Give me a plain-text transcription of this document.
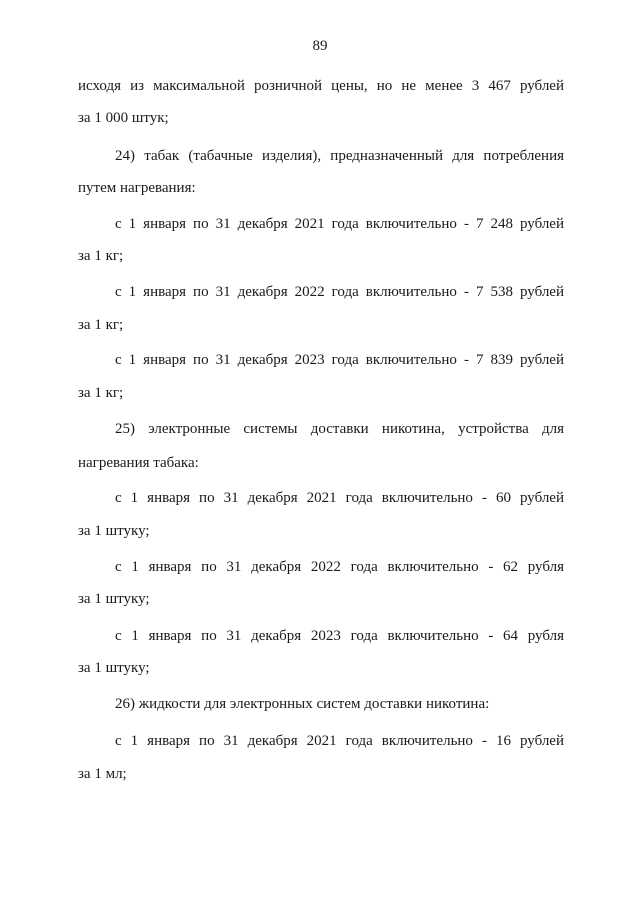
89
исходя из максимальной розничной цены, но не менее 3 467 рублей
за 1 000 штук;
24) табак (табачные изделия), предназначенный для потребления
путем нагревания:
с 1 января по 31 декабря 2021 года включительно - 7 248 рублей
за 1 кг;
с 1 января по 31 декабря 2022 года включительно - 7 538 рублей
за 1 кг;
с 1 января по 31 декабря 2023 года включительно - 7 839 рублей
за 1 кг;
25) электронные системы доставки никотина, устройства для
нагревания табака:
с 1 января по 31 декабря 2021 года включительно - 60 рублей
за 1 штуку;
с 1 января по 31 декабря 2022 года включительно - 62 рубля
за 1 штуку;
с 1 января по 31 декабря 2023 года включительно - 64 рубля
за 1 штуку;
26) жидкости для электронных систем доставки никотина:
с 1 января по 31 декабря 2021 года включительно - 16 рублей
за 1 мл;
